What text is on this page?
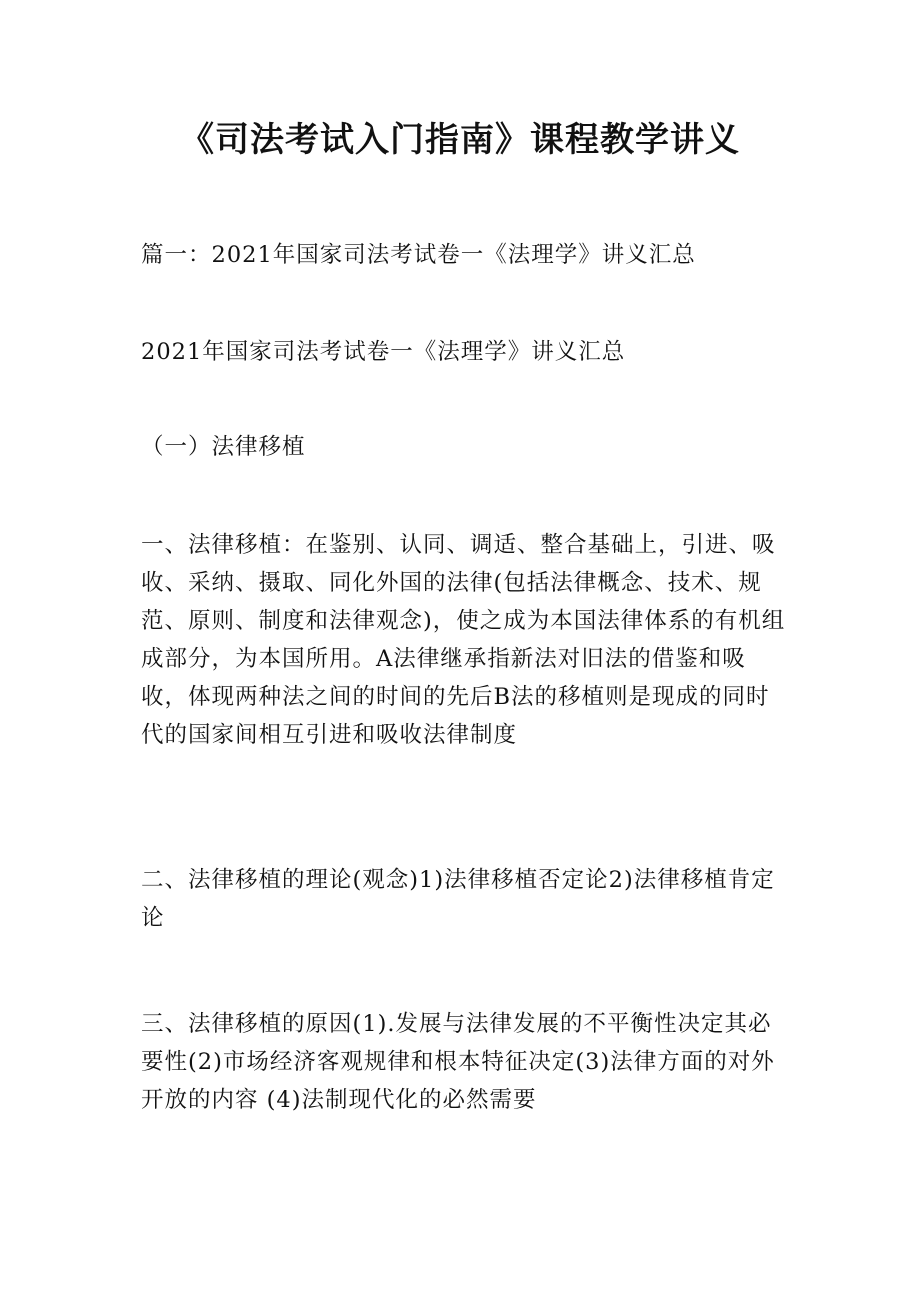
《司法考试入门指南》课程教学讲义

篇一：2021年国家司法考试卷一《法理学》讲义汇总

2021年国家司法考试卷一《法理学》讲义汇总

（一）法律移植

一、法律移植：在鉴别、认同、调适、整合基础上，引进、吸收、采纳、摄取、同化外国的法律(包括法律概念、技术、规范、原则、制度和法律观念)，使之成为本国法律体系的有机组成部分，为本国所用。A法律继承指新法对旧法的借鉴和吸收，体现两种法之间的时间的先后B法的移植则是现成的同时代的国家间相互引进和吸收法律制度

二、法律移植的理论(观念)1)法律移植否定论2)法律移植肯定论

三、法律移植的原因(1).发展与法律发展的不平衡性决定其必要性(2)市场经济客观规律和根本特征决定(3)法律方面的对外开放的内容 (4)法制现代化的必然需要
